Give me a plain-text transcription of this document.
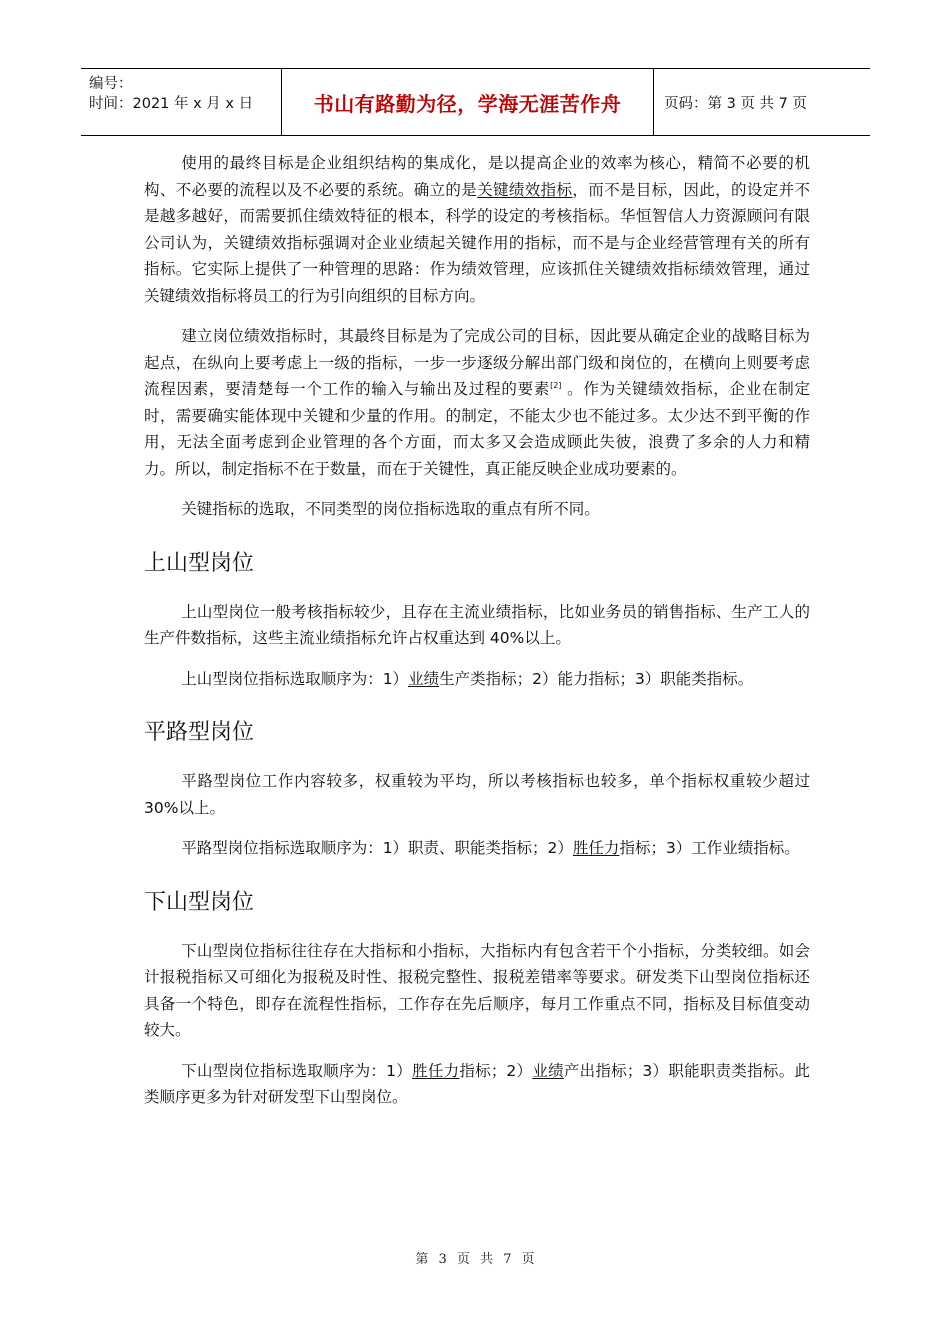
编号：
时间：2021 年 x 月 x 日	书山有路勤为径，学海无涯苦作舟	页码：第 3 页 共 7 页

使用的最终目标是企业组织结构的集成化，是以提高企业的效率为核心，精简不必要的机构、不必要的流程以及不必要的系统。确立的是关键绩效指标，而不是目标，因此，的设定并不是越多越好，而需要抓住绩效特征的根本，科学的设定的考核指标。华恒智信人力资源顾问有限公司认为，关键绩效指标强调对企业业绩起关键作用的指标，而不是与企业经营管理有关的所有指标。它实际上提供了一种管理的思路：作为绩效管理，应该抓住关键绩效指标绩效管理，通过关键绩效指标将员工的行为引向组织的目标方向。

建立岗位绩效指标时，其最终目标是为了完成公司的目标，因此要从确定企业的战略目标为起点，在纵向上要考虑上一级的指标，一步一步逐级分解出部门级和岗位的，在横向上则要考虑流程因素，要清楚每一个工作的输入与输出及过程的要素[2] 。作为关键绩效指标，企业在制定时，需要确实能体现中关键和少量的作用。的制定，不能太少也不能过多。太少达不到平衡的作用，无法全面考虑到企业管理的各个方面，而太多又会造成顾此失彼，浪费了多余的人力和精力。所以，制定指标不在于数量，而在于关键性，真正能反映企业成功要素的。

关键指标的选取，不同类型的岗位指标选取的重点有所不同。

上山型岗位

上山型岗位一般考核指标较少，且存在主流业绩指标，比如业务员的销售指标、生产工人的生产件数指标，这些主流业绩指标允许占权重达到 40%以上。

上山型岗位指标选取顺序为：1）业绩生产类指标；2）能力指标；3）职能类指标。

平路型岗位

平路型岗位工作内容较多，权重较为平均，所以考核指标也较多，单个指标权重较少超过 30%以上。

平路型岗位指标选取顺序为：1）职责、职能类指标；2）胜任力指标；3）工作业绩指标。

下山型岗位

下山型岗位指标往往存在大指标和小指标，大指标内有包含若干个小指标，分类较细。如会计报税指标又可细化为报税及时性、报税完整性、报税差错率等要求。研发类下山型岗位指标还具备一个特色，即存在流程性指标，工作存在先后顺序，每月工作重点不同，指标及目标值变动较大。

下山型岗位指标选取顺序为：1）胜任力指标；2）业绩产出指标；3）职能职责类指标。此类顺序更多为针对研发型下山型岗位。

第 3 页 共 7 页
